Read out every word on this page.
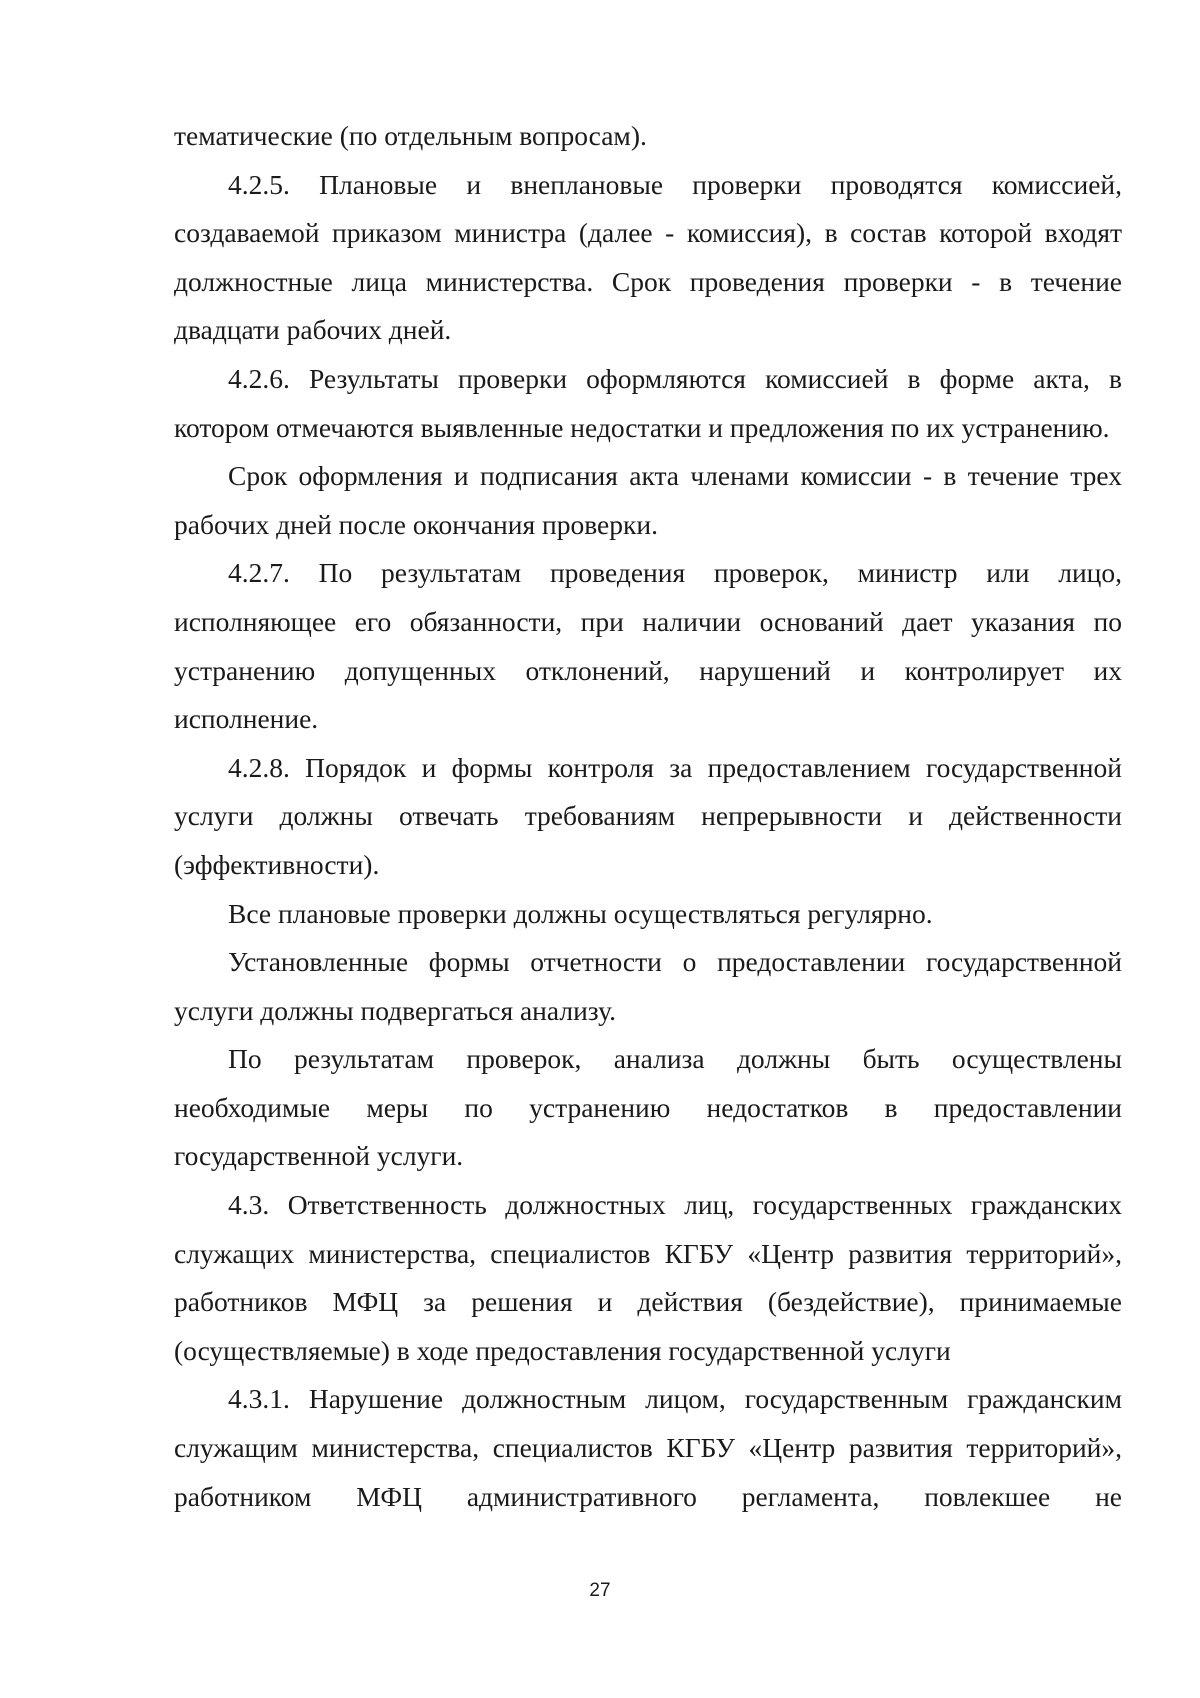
тематические (по отдельным вопросам).

4.2.5. Плановые и внеплановые проверки проводятся комиссией, создаваемой приказом министра (далее - комиссия), в состав которой входят должностные лица министерства. Срок проведения проверки - в течение двадцати рабочих дней.

4.2.6. Результаты проверки оформляются комиссией в форме акта, в котором отмечаются выявленные недостатки и предложения по их устранению.

Срок оформления и подписания акта членами комиссии - в течение трех рабочих дней после окончания проверки.

4.2.7. По результатам проведения проверок, министр или лицо, исполняющее его обязанности, при наличии оснований дает указания по устранению допущенных отклонений, нарушений и контролирует их исполнение.

4.2.8. Порядок и формы контроля за предоставлением государственной услуги должны отвечать требованиям непрерывности и действенности (эффективности).

Все плановые проверки должны осуществляться регулярно.

Установленные формы отчетности о предоставлении государственной услуги должны подвергаться анализу.

По результатам проверок, анализа должны быть осуществлены необходимые меры по устранению недостатков в предоставлении государственной услуги.

4.3. Ответственность должностных лиц, государственных гражданских служащих министерства, специалистов КГБУ «Центр развития территорий», работников МФЦ за решения и действия (бездействие), принимаемые (осуществляемые) в ходе предоставления государственной услуги

4.3.1. Нарушение должностным лицом, государственным гражданским служащим министерства, специалистов КГБУ «Центр развития территорий», работником МФЦ административного регламента, повлекшее не

27
